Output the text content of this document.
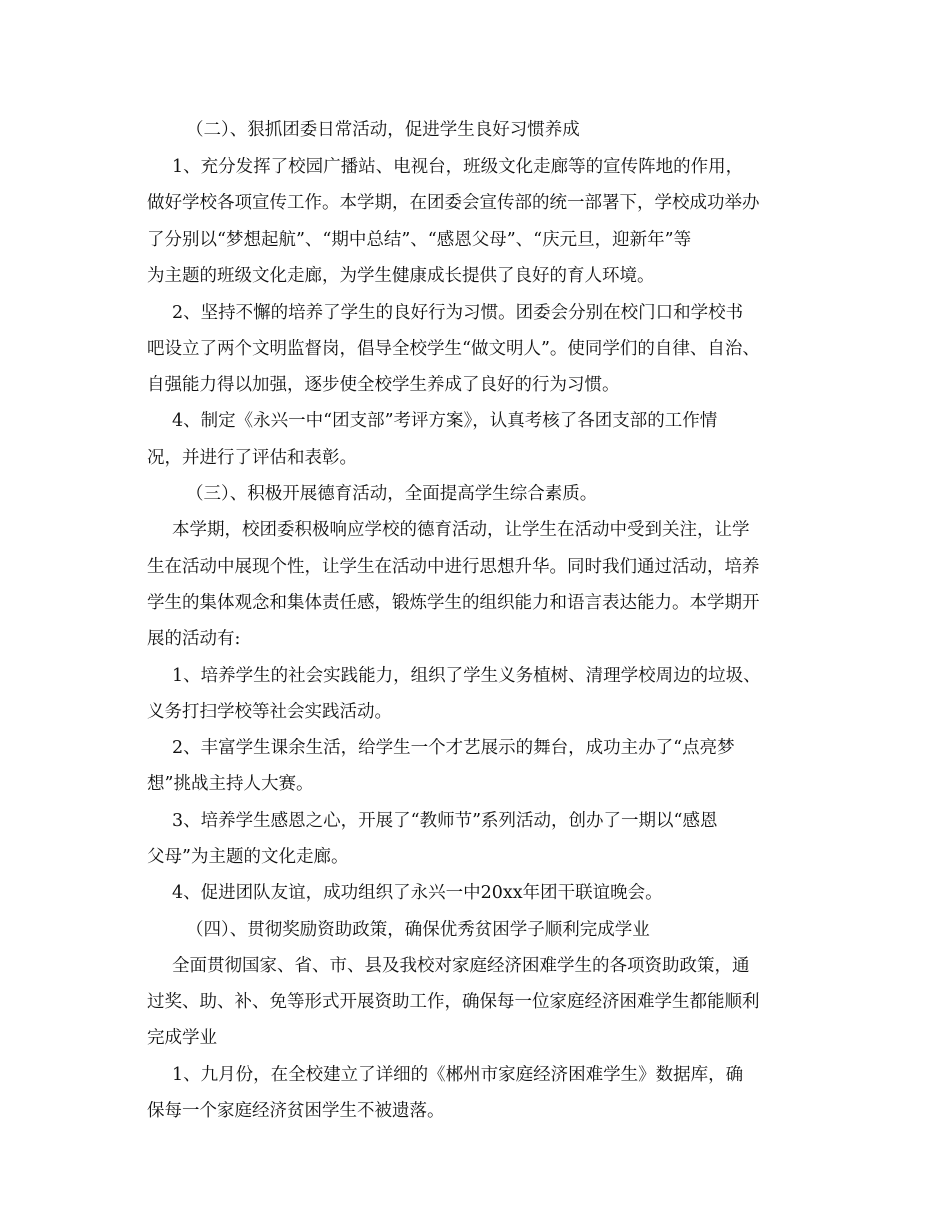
（二）、狠抓团委日常活动，促进学生良好习惯养成
1、充分发挥了校园广播站、电视台，班级文化走廊等的宣传阵地的作用，
做好学校各项宣传工作。本学期，在团委会宣传部的统一部署下，学校成功举办
了分别以“梦想起航”、“期中总结”、“感恩父母”、“庆元旦，迎新年”等
为主题的班级文化走廊，为学生健康成长提供了良好的育人环境。
2、坚持不懈的培养了学生的良好行为习惯。团委会分别在校门口和学校书
吧设立了两个文明监督岗，倡导全校学生“做文明人”。使同学们的自律、自治、
自强能力得以加强，逐步使全校学生养成了良好的行为习惯。
4、制定《永兴一中“团支部”考评方案》，认真考核了各团支部的工作情
况，并进行了评估和表彰。
（三）、积极开展德育活动，全面提高学生综合素质。
本学期，校团委积极响应学校的德育活动，让学生在活动中受到关注，让学
生在活动中展现个性，让学生在活动中进行思想升华。同时我们通过活动，培养
学生的集体观念和集体责任感，锻炼学生的组织能力和语言表达能力。本学期开
展的活动有:
1、培养学生的社会实践能力，组织了学生义务植树、清理学校周边的垃圾、
义务打扫学校等社会实践活动。
2、丰富学生课余生活，给学生一个才艺展示的舞台，成功主办了“点亮梦
想”挑战主持人大赛。
3、培养学生感恩之心，开展了“教师节”系列活动，创办了一期以“感恩
父母”为主题的文化走廊。
4、促进团队友谊，成功组织了永兴一中20xx年团干联谊晚会。
（四）、贯彻奖励资助政策，确保优秀贫困学子顺利完成学业
全面贯彻国家、省、市、县及我校对家庭经济困难学生的各项资助政策，通
过奖、助、补、免等形式开展资助工作，确保每一位家庭经济困难学生都能顺利
完成学业
1、九月份，在全校建立了详细的《郴州市家庭经济困难学生》数据库，确
保每一个家庭经济贫困学生不被遗落。
